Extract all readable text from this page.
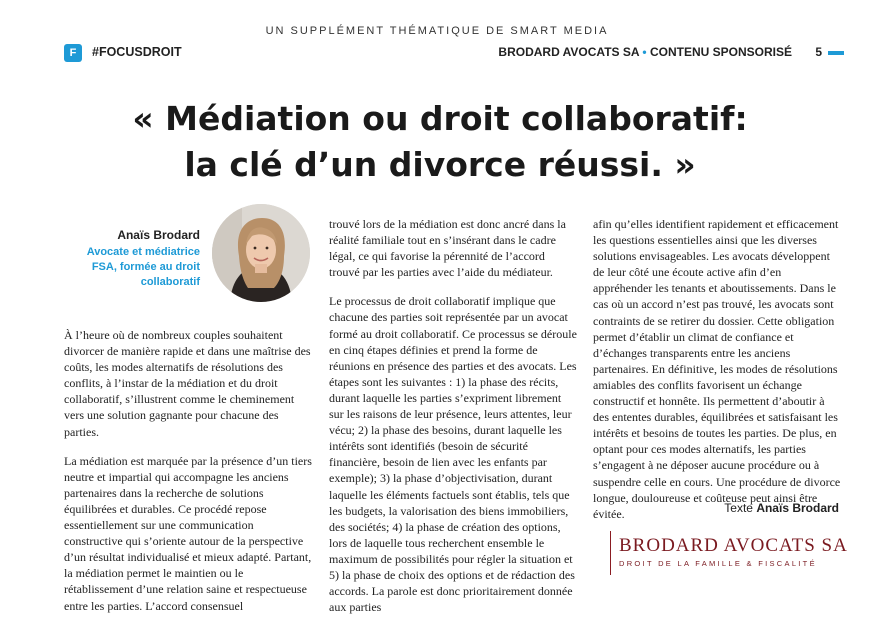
UN SUPPLÉMENT THÉMATIQUE DE SMART MEDIA
F	#FOCUSDROIT	BRODARD AVOCATS SA • CONTENU SPONSORISÉ 5
« Médiation ou droit collaboratif:
la clé d’un divorce réussi. »
Anaïs Brodard
Avocate et médiatrice
FSA, formée au droit
collaboratif

À l’heure où de nombreux couples souhaitent divorcer de manière rapide et dans une maîtrise des coûts, les modes alternatifs de résolutions des conflits, à l’instar de la médiation et du droit collaboratif, s’illustrent comme le cheminement vers une solution gagnante pour chacune des parties.

La médiation est marquée par la présence d’un tiers neutre et impartial qui accompagne les anciens partenaires dans la recherche de solutions équilibrées et durables. Ce procédé repose essentiellement sur une communication constructive qui s’oriente autour de la perspective d’un résultat individualisé et mieux adapté. Partant, la médiation permet le maintien ou le rétablissement d’une relation saine et respectueuse entre les parties. L’accord consensuel

trouvé lors de la médiation est donc ancré dans la réalité familiale tout en s’insérant dans le cadre légal, ce qui favorise la pérennité de l’accord trouvé par les parties avec l’aide du médiateur.

Le processus de droit collaboratif implique que chacune des parties soit représentée par un avocat formé au droit collaboratif. Ce processus se déroule en cinq étapes définies et prend la forme de réunions en présence des parties et des avocats. Les étapes sont les suivantes : 1) la phase des récits, durant laquelle les parties s’expriment librement sur les raisons de leur présence, leurs attentes, leur vécu; 2) la phase des besoins, durant laquelle les intérêts sont identifiés (besoin de sécurité financière, besoin de lien avec les enfants par exemple); 3) la phase d’objectivisation, durant laquelle les éléments factuels sont établis, tels que les budgets, la valorisation des biens immobiliers, des sociétés; 4) la phase de création des options, lors de laquelle tous recherchent ensemble le maximum de possibilités pour régler la situation et 5) la phase de choix des options et de rédaction des accords. La parole est donc prioritairement donnée aux parties

afin qu’elles identifient rapidement et efficacement les questions essentielles ainsi que les diverses solutions envisageables. Les avocats développent de leur côté une écoute active afin d’en appréhender les tenants et aboutissements. Dans le cas où un accord n’est pas trouvé, les avocats sont contraints de se retirer du dossier. Cette obligation permet d’établir un climat de confiance et d’échanges transparents entre les anciens partenaires. En définitive, les modes de résolutions amiables des conflits favorisent un échange constructif et honnête. Ils permettent d’aboutir à des ententes durables, équilibrées et satisfaisant les intérêts et besoins de toutes les parties. De plus, en optant pour ces modes alternatifs, les parties s’engagent à ne déposer aucune procédure ou à suspendre celle en cours. Une procédure de divorce longue, douloureuse et coûteuse peut ainsi être évitée.	Texte Anaïs Brodard
BRODARD AVOCATS SA
DROIT DE LA FAMILLE & FISCALITÉ
